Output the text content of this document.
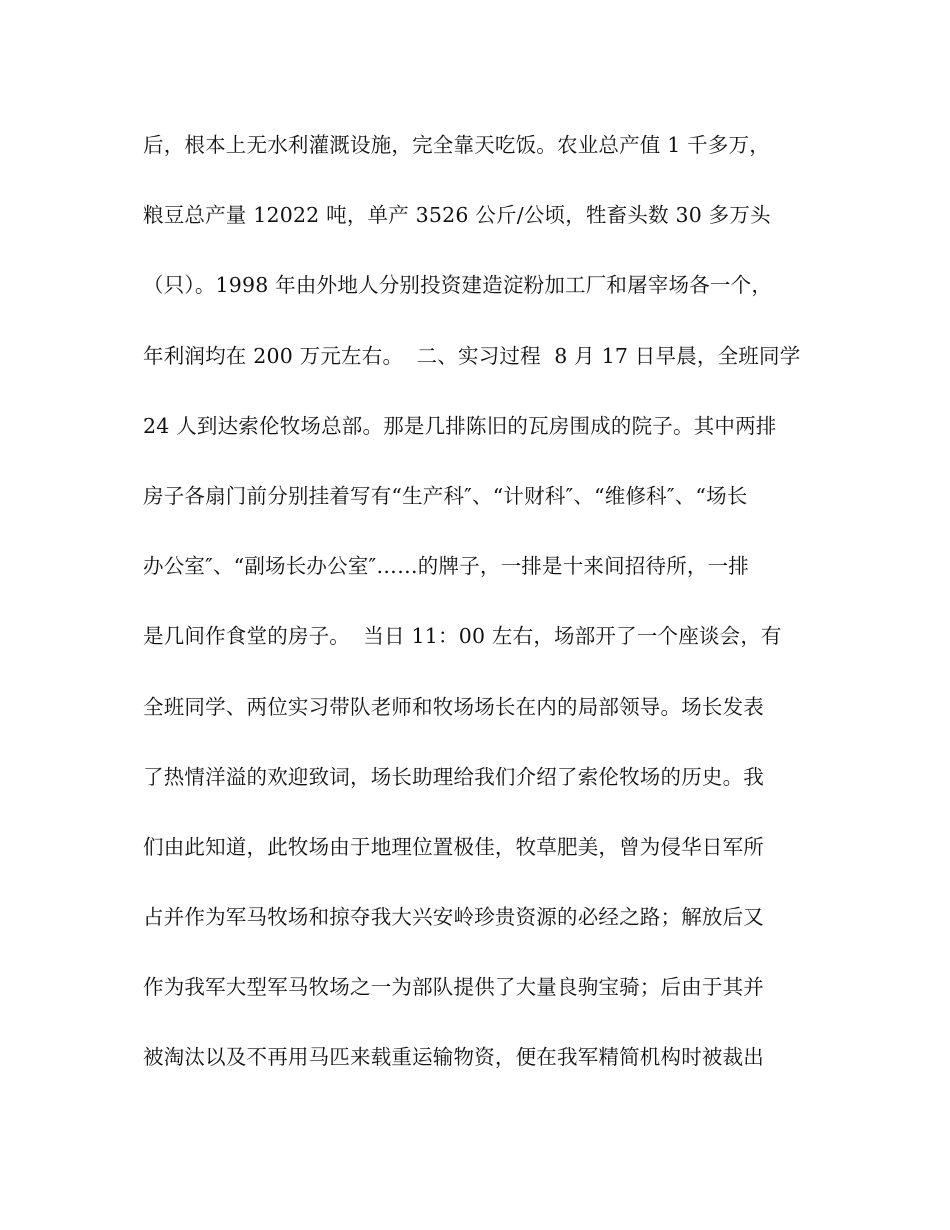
后，根本上无水利灌溉设施，完全靠天吃饭。农业总产值 1 千多万，
粮豆总产量 12022 吨，单产 3526 公斤/公顷，牲畜头数 30 多万头
（只）。1998 年由外地人分别投资建造淀粉加工厂和屠宰场各一个，
年利润均在 200 万元左右。  二、实习过程  8 月 17 日早晨，全班同学
24 人到达索伦牧场总部。那是几排陈旧的瓦房围成的院子。其中两排
房子各扇门前分别挂着写有“生产科″、“计财科″、“维修科″、“场长
办公室″、“副场长办公室″……的牌子，一排是十来间招待所，一排
是几间作食堂的房子。  当日 11：00 左右，场部开了一个座谈会，有
全班同学、两位实习带队老师和牧场场长在内的局部领导。场长发表
了热情洋溢的欢迎致词，场长助理给我们介绍了索伦牧场的历史。我
们由此知道，此牧场由于地理位置极佳，牧草肥美，曾为侵华日军所
占并作为军马牧场和掠夺我大兴安岭珍贵资源的必经之路；解放后又
作为我军大型军马牧场之一为部队提供了大量良驹宝骑；后由于其并
被淘汰以及不再用马匹来载重运输物资，便在我军精简机构时被裁出
